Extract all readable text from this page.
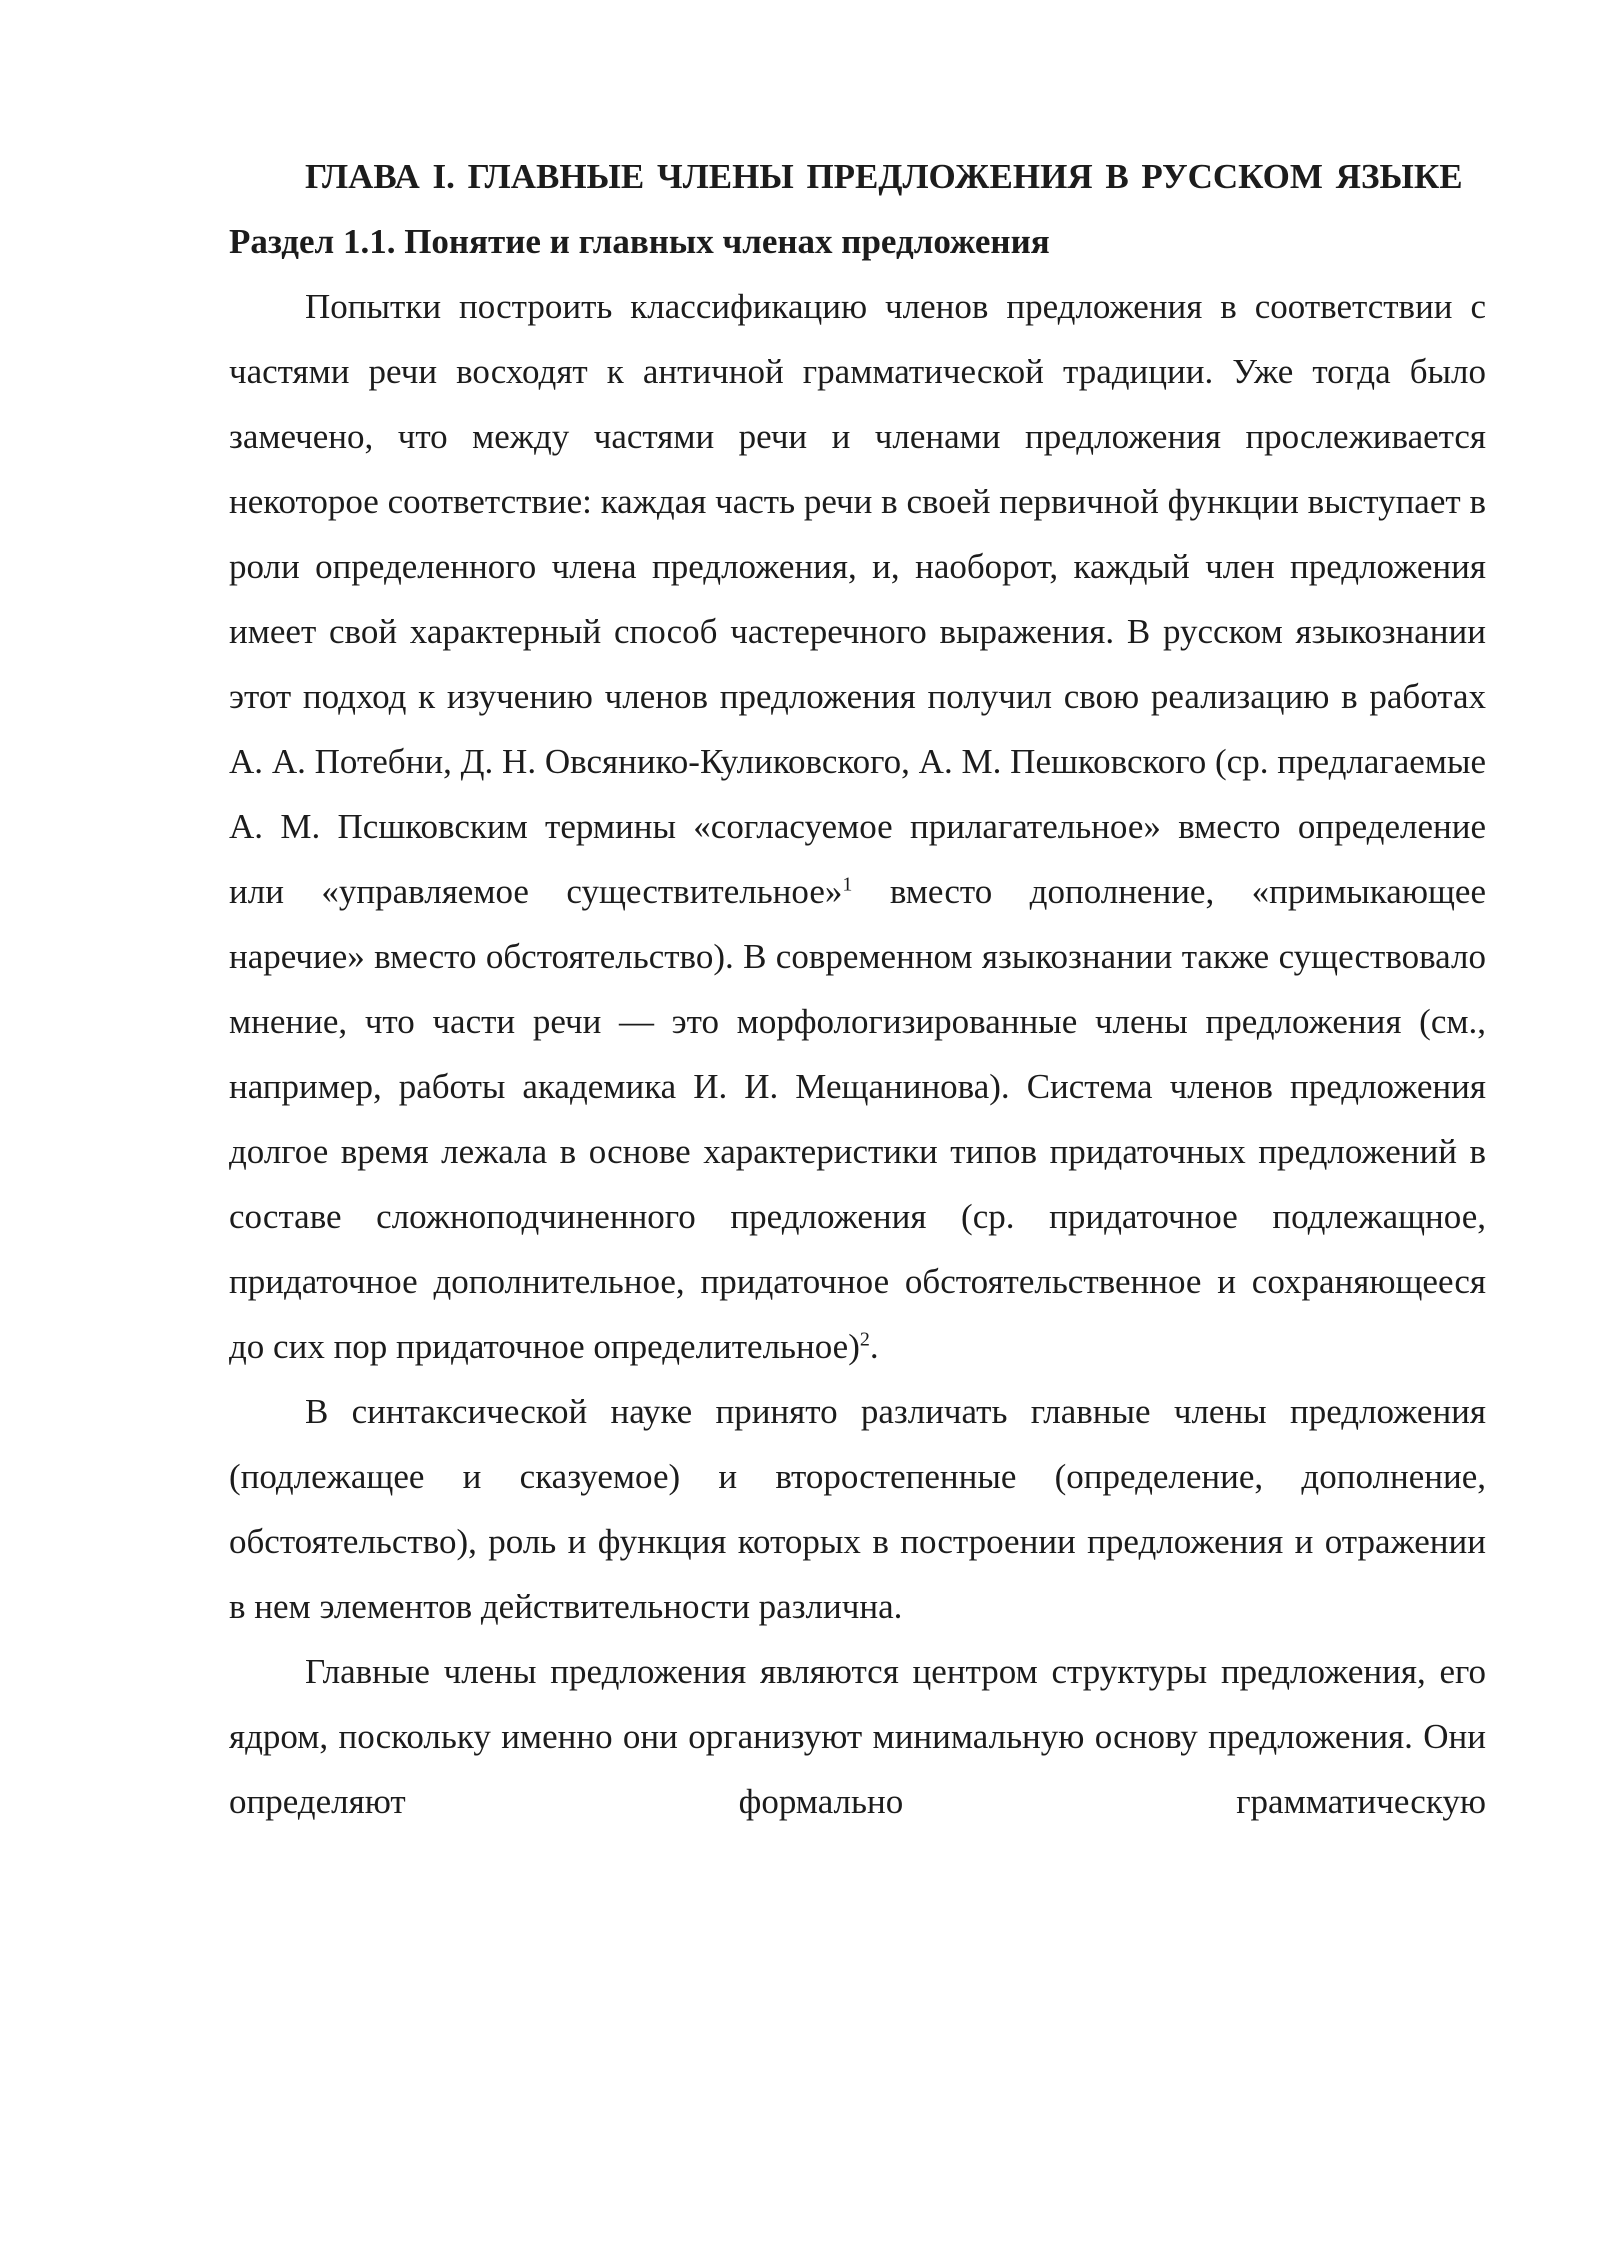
ГЛАВА I. ГЛАВНЫЕ ЧЛЕНЫ ПРЕДЛОЖЕНИЯ В РУССКОМ ЯЗЫКЕ

Раздел 1.1. Понятие и главных членах предложения

Попытки построить классификацию членов предложения в соответствии с частями речи восходят к античной грамматической традиции. Уже тогда было замечено, что между частями речи и членами предложения прослеживается некоторое соответствие: каждая часть речи в своей первичной функции выступает в роли определенного члена предложения, и, наоборот, каждый член предложения имеет свой характерный способ частеречного выражения. В русском языкознании этот подход к изучению членов предложения получил свою реализацию в работах А. А. Потебни, Д. Н. Овсянико-Куликовского, А. М. Пешковского (ср. предлагаемые А. М. Псшковским термины «согласуемое прилагательное» вместо определение или «управляемое существительное»$^1$ вместо дополнение, «примыкающее наречие» вместо обстоятельство). В современном языкознании также существовало мнение, что части речи — это морфологизированные члены предложения (см., например, работы академика И. И. Мещанинова). Система членов предложения долгое время лежала в основе характеристики типов придаточных предложений в составе сложноподчиненного предложения (ср. придаточное подлежащное, придаточное дополнительное, придаточное обстоятельственное и сохраняющееся до сих пор придаточное определительное)$^2$.

В синтаксической науке принято различать главные члены предложения (подлежащее и сказуемое) и второстепенные (определение, дополнение, обстоятельство), роль и функция которых в построении предложения и отражении в нем элементов действительности различна.

Главные члены предложения являются центром структуры предложения, его ядром, поскольку именно они организуют минимальную основу предложения. Они определяют формально грамматическую
